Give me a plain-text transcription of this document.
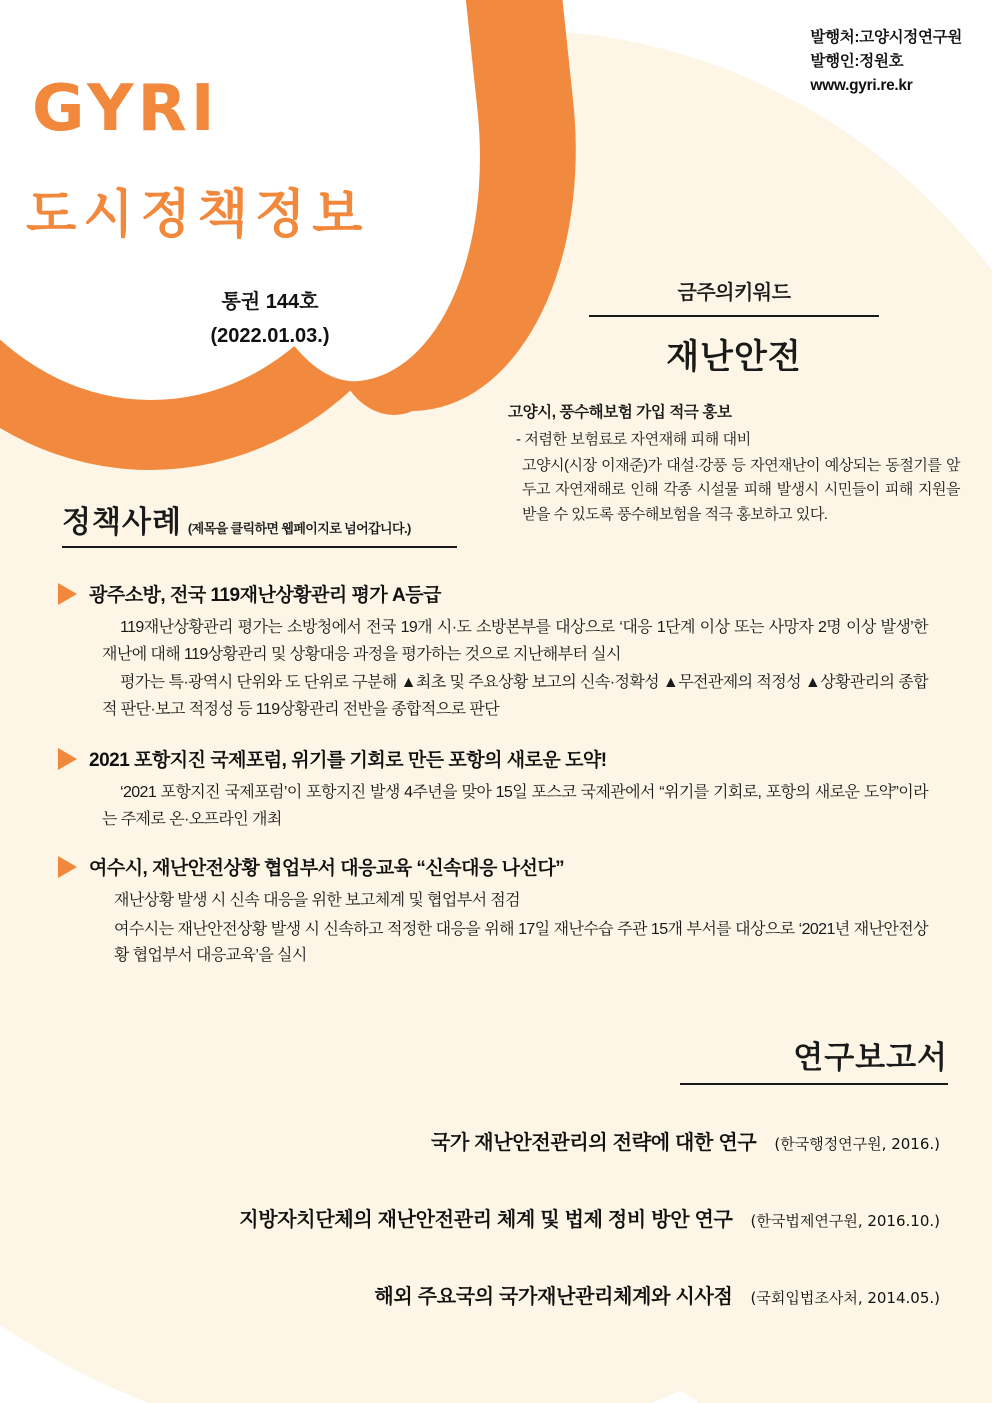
발행처:고양시정연구원
발행인:정원호
www.gyri.re.kr
GYRI
도시정책정보
통권 144호
(2022.01.03.)
금주의키워드
재난안전
고양시, 풍수해보험 가입 적극 홍보
- 저렴한 보험료로 자연재해 피해 대비
고양시(시장 이재준)가 대설·강풍 등 자연재난이 예상되는 동절기를 앞두고 자연재해로 인해 각종 시설물 피해 발생시 시민들이 피해 지원을 받을 수 있도록 풍수해보험을 적극 홍보하고 있다.
정책사례 (제목을 클릭하면 웹페이지로 넘어갑니다.)
광주소방, 전국 119재난상황관리 평가 A등급

119재난상황관리 평가는 소방청에서 전국 19개 시·도 소방본부를 대상으로 ‘대응 1단계 이상 또는 사망자 2명 이상 발생’한 재난에 대해 119상황관리 및 상황대응 과정을 평가하는 것으로 지난해부터 실시

평가는 특·광역시 단위와 도 단위로 구분해 ▲최초 및 주요상황 보고의 신속·정확성 ▲무전관제의 적정성 ▲상황관리의 종합적 판단·보고 적정성 등 119상황관리 전반을 종합적으로 판단

2021 포항지진 국제포럼, 위기를 기회로 만든 포항의 새로운 도약!

‘2021 포항지진 국제포럼’이 포항지진 발생 4주년을 맞아 15일 포스코 국제관에서 “위기를 기회로, 포항의 새로운 도약”이라는 주제로 온·오프라인 개최

여수시, 재난안전상황 협업부서 대응교육 “신속대응 나선다”

재난상황 발생 시 신속 대응을 위한 보고체계 및 협업부서 점검

여수시는 재난안전상황 발생 시 신속하고 적정한 대응을 위해 17일 재난수습 주관 15개 부서를 대상으로 ‘2021년 재난안전상황 협업부서 대응교육’을 실시

연구보고서
국가 재난안전관리의 전략에 대한 연구 (한국행정연구원, 2016.)
지방자치단체의 재난안전관리 체계 및 법제 정비 방안 연구 (한국법제연구원, 2016.10.)
해외 주요국의 국가재난관리체계와 시사점 (국회입법조사처, 2014.05.)
